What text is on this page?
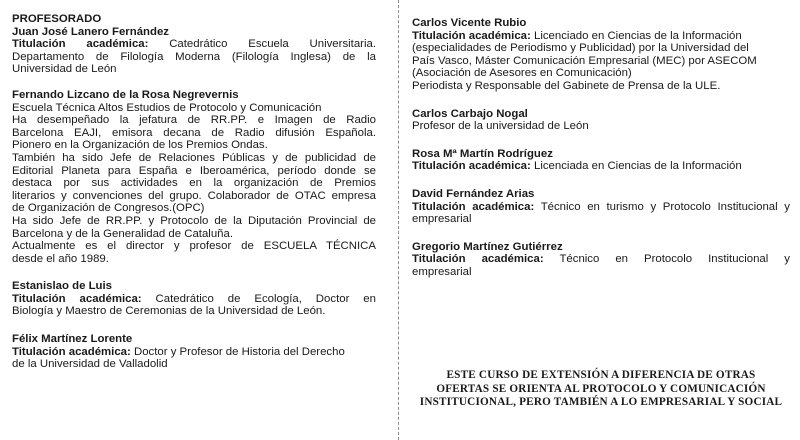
PROFESORADO
Juan José Lanero Fernández
Titulación académica: Catedrático Escuela Universitaria.
Departamento de Filología Moderna (Filología Inglesa) de la
Universidad de León
Fernando Lizcano de la Rosa Negrevernis
Escuela Técnica Altos Estudios de Protocolo y Comunicación
Ha desempeñado la jefatura de RR.PP. e Imagen de Radio
Barcelona EAJI, emisora decana de Radio difusión Española.
Pionero en la Organización de los Premios Ondas.
También ha sido Jefe de Relaciones Públicas y de publicidad de
Editorial Planeta para España e Iberoamérica, período donde se
destaca por sus actividades en la organización de Premios
literarios y convenciones del grupo. Colaborador de OTAC empresa
de Organización de Congresos.(OPC)
Ha sido Jefe de RR.PP. y Protocolo de la Diputación Provincial de
Barcelona y de la Generalidad de Cataluña.
Actualmente es el director y profesor de ESCUELA TÉCNICA
desde el año 1989.
Estanislao de Luis
Titulación académica: Catedrático de Ecología, Doctor en
Biología y Maestro de Ceremonias de la Universidad de León.
Félix Martínez Lorente
Titulación académica: Doctor y Profesor de Historia del Derecho
de la Universidad de Valladolid
Carlos Vicente Rubio
Titulación académica: Licenciado en Ciencias de la Información
(especialidades de Periodismo y Publicidad) por la Universidad del
País Vasco, Máster Comunicación Empresarial (MEC) por ASECOM
(Asociación de Asesores en Comunicación)
Periodista y Responsable del Gabinete de Prensa de la ULE.
Carlos Carbajo Nogal
Profesor de la universidad de León
Rosa Mª Martín Rodríguez
Titulación académica: Licenciada en Ciencias de la Información
David Fernández Arias
Titulación académica: Técnico en turismo y Protocolo Institucional y
empresarial
Gregorio Martínez Gutiérrez
Titulación académica: Técnico en Protocolo Institucional y
empresarial
ESTE CURSO DE EXTENSIÓN A DIFERENCIA DE OTRAS
OFERTAS SE ORIENTA AL PROTOCOLO Y COMUNICACIÓN
INSTITUCIONAL, PERO TAMBIÉN A LO EMPRESARIAL Y SOCIAL
